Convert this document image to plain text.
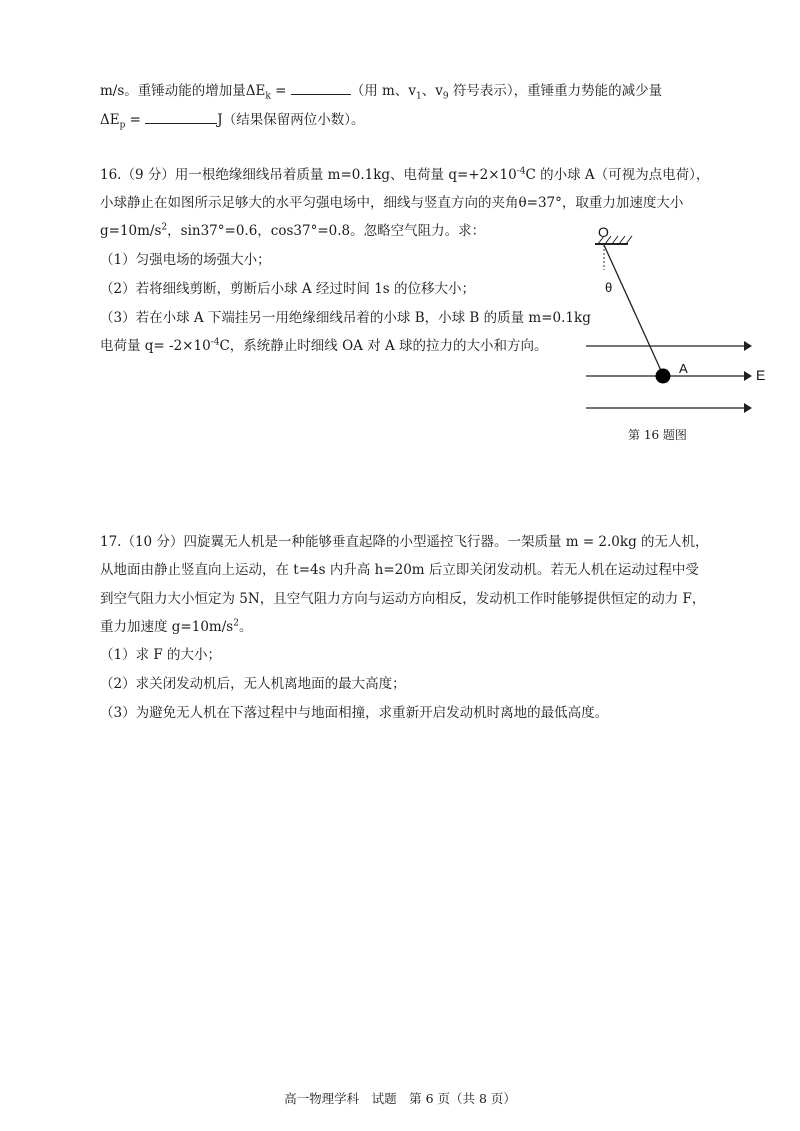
m/s。重锤动能的增加量$\Delta E_k$ =	（用 m、$v_1$、$v_9$ 符号表示），重锤重力势能的减少量
$\Delta E_p$ =	J（结果保留两位小数）。
16.（9 分）用一根绝缘细线吊着质量 m=0.1kg、电荷量 $q=+2\times 10^{-4}C$ 的小球 A（可视为点电荷），
小球静止在如图所示足够大的水平匀强电场中，细线与竖直方向的夹角θ=37°，取重力加速度大小
$g=10m/s^2$，sin37°=0.6，cos37°=0.8。忽略空气阻力。求：
（1）匀强电场的场强大小；
（2）若将细线剪断，剪断后小球 A 经过时间 1s 的位移大小；
（3）若在小球 A 下端挂另一用绝缘细线吊着的小球 B，小球 B 的质量 m=0.1kg
电荷量 $q= -2\times 10^{-4}C$，系统静止时细线 OA 对 A 球的拉力的大小和方向。
O
θ
A	E
第 16 题图
17.（10 分）四旋翼无人机是一种能够垂直起降的小型遥控飞行器。一架质量 m = 2.0kg 的无人机，
从地面由静止竖直向上运动，在 t=4s 内升高 h=20m 后立即关闭发动机。若无人机在运动过程中受
到空气阻力大小恒定为 5N，且空气阻力方向与运动方向相反，发动机工作时能够提供恒定的动力 F，
重力加速度 $g=10m/s^2$。
（1）求 F 的大小；
（2）求关闭发动机后，无人机离地面的最大高度；
（3）为避免无人机在下落过程中与地面相撞，求重新开启发动机时离地的最低高度。
高一物理学科　试题　第 6 页（共 8 页）
